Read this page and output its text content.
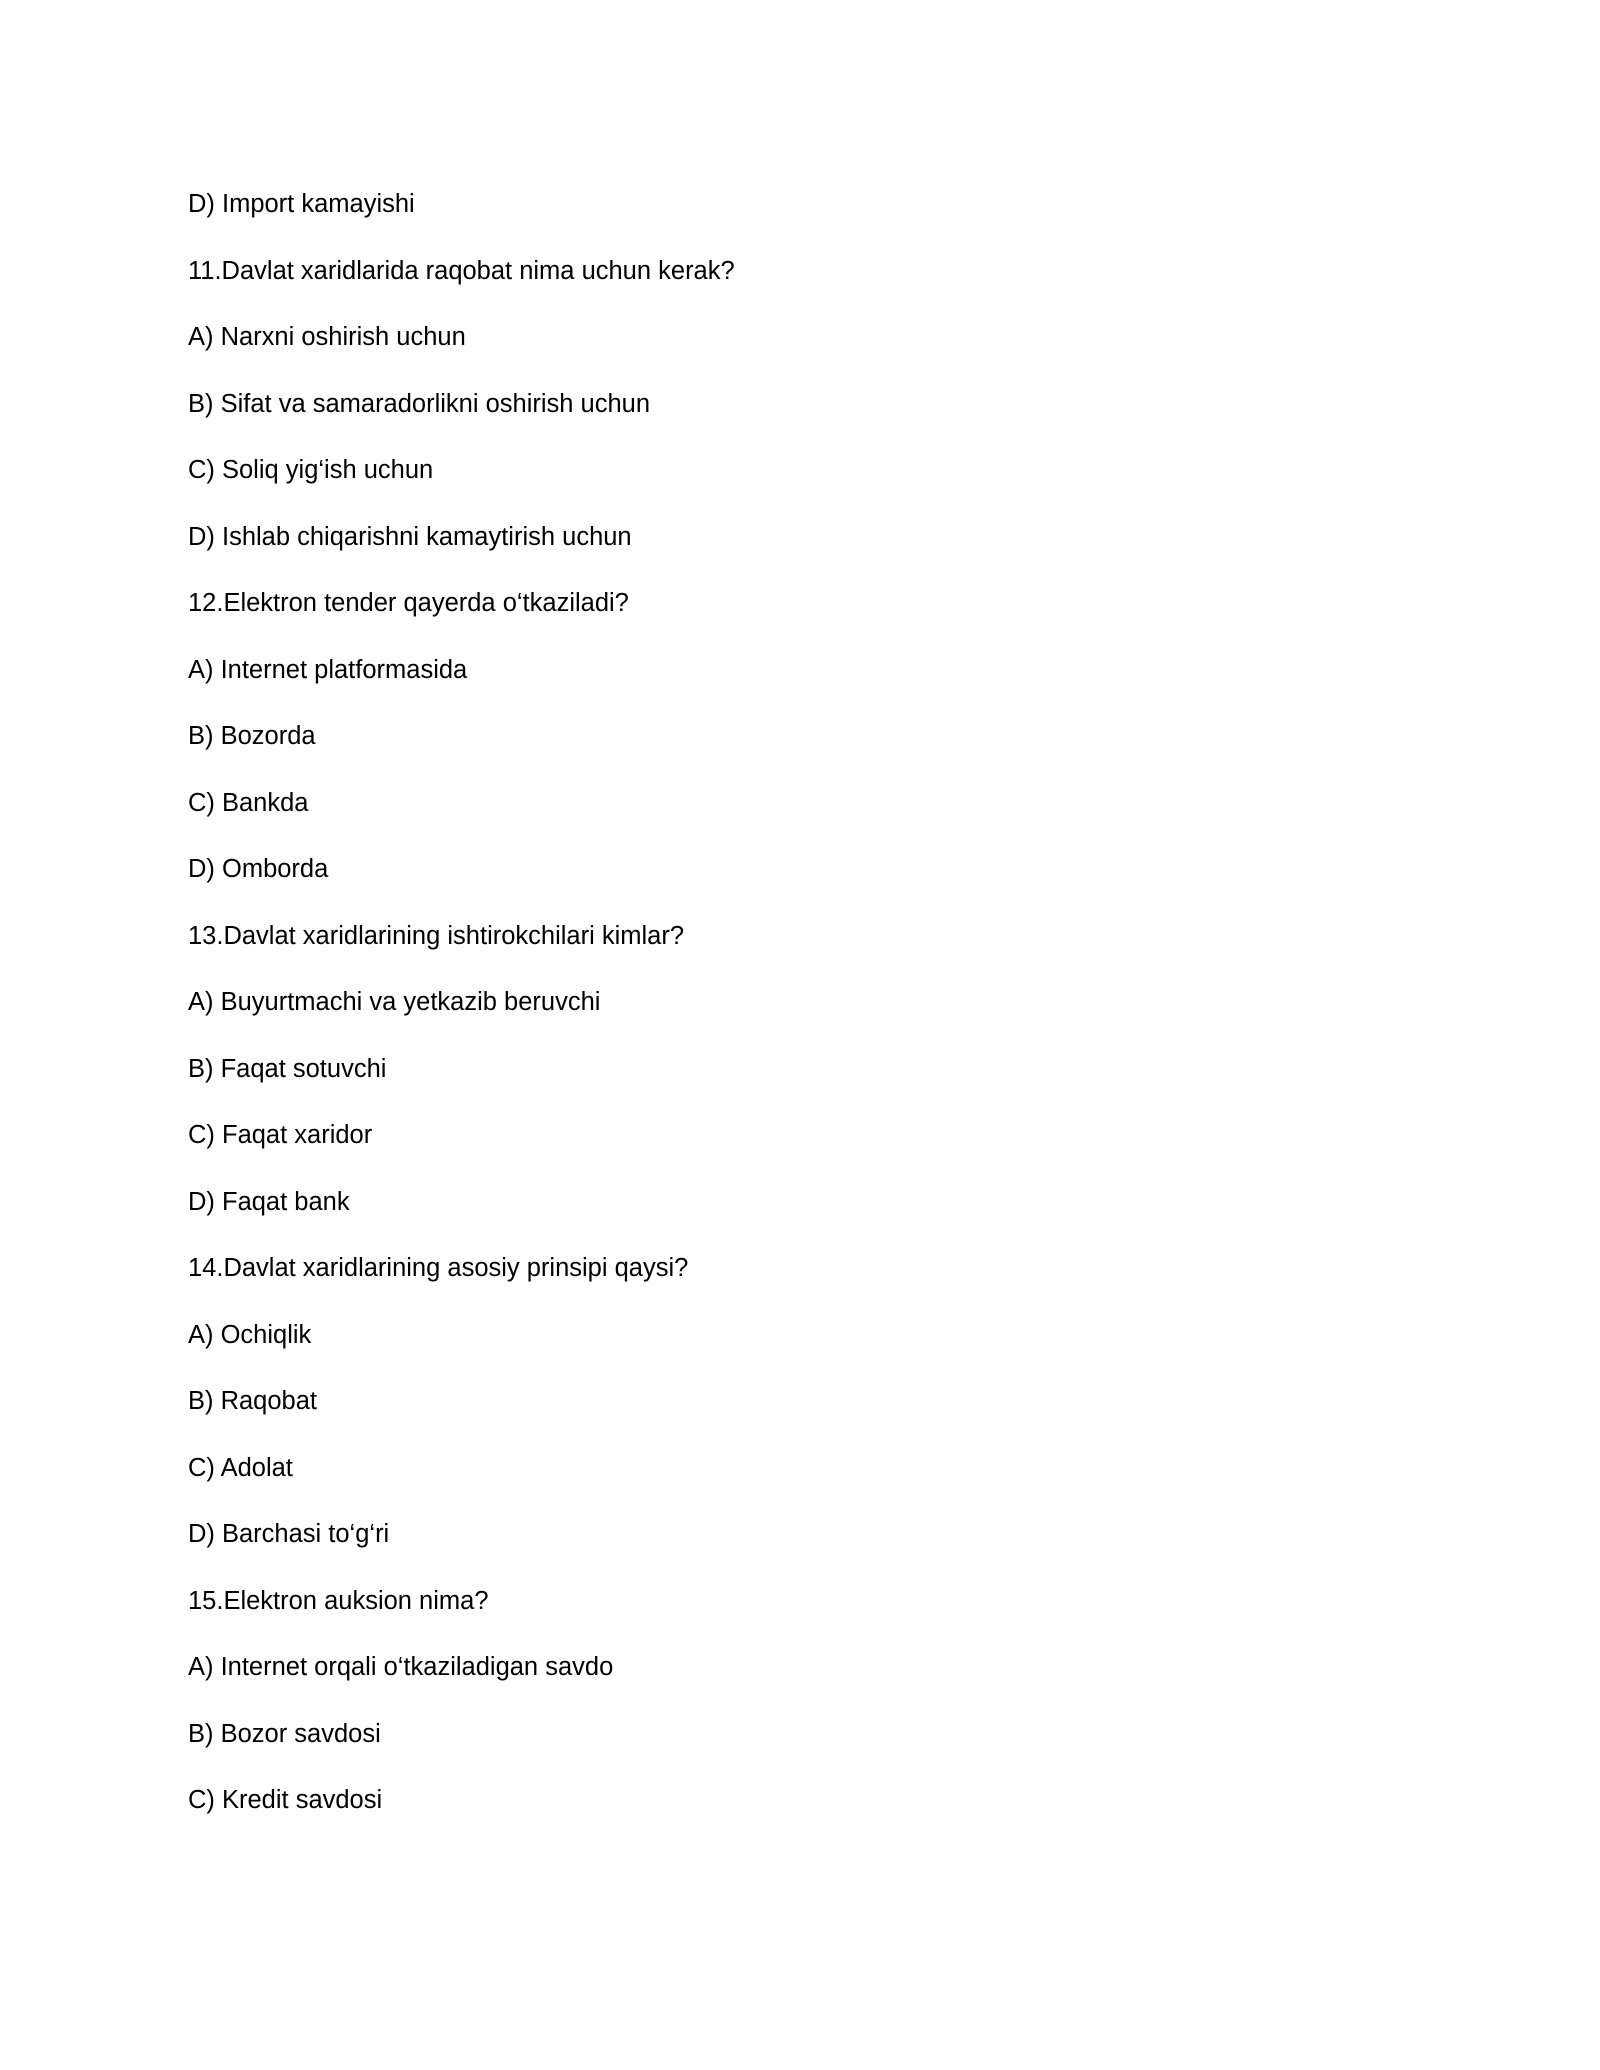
D) Import kamayishi
11.Davlat xaridlarida raqobat nima uchun kerak?
A) Narxni oshirish uchun
B) Sifat va samaradorlikni oshirish uchun
C) Soliq yig‘ish uchun
D) Ishlab chiqarishni kamaytirish uchun
12.Elektron tender qayerda o‘tkaziladi?
A) Internet platformasida
B) Bozorda
C) Bankda
D) Omborda
13.Davlat xaridlarining ishtirokchilari kimlar?
A) Buyurtmachi va yetkazib beruvchi
B) Faqat sotuvchi
C) Faqat xaridor
D) Faqat bank
14.Davlat xaridlarining asosiy prinsipi qaysi?
A) Ochiqlik
B) Raqobat
C) Adolat
D) Barchasi to‘g‘ri
15.Elektron auksion nima?
A) Internet orqali o‘tkaziladigan savdo
B) Bozor savdosi
C) Kredit savdosi
